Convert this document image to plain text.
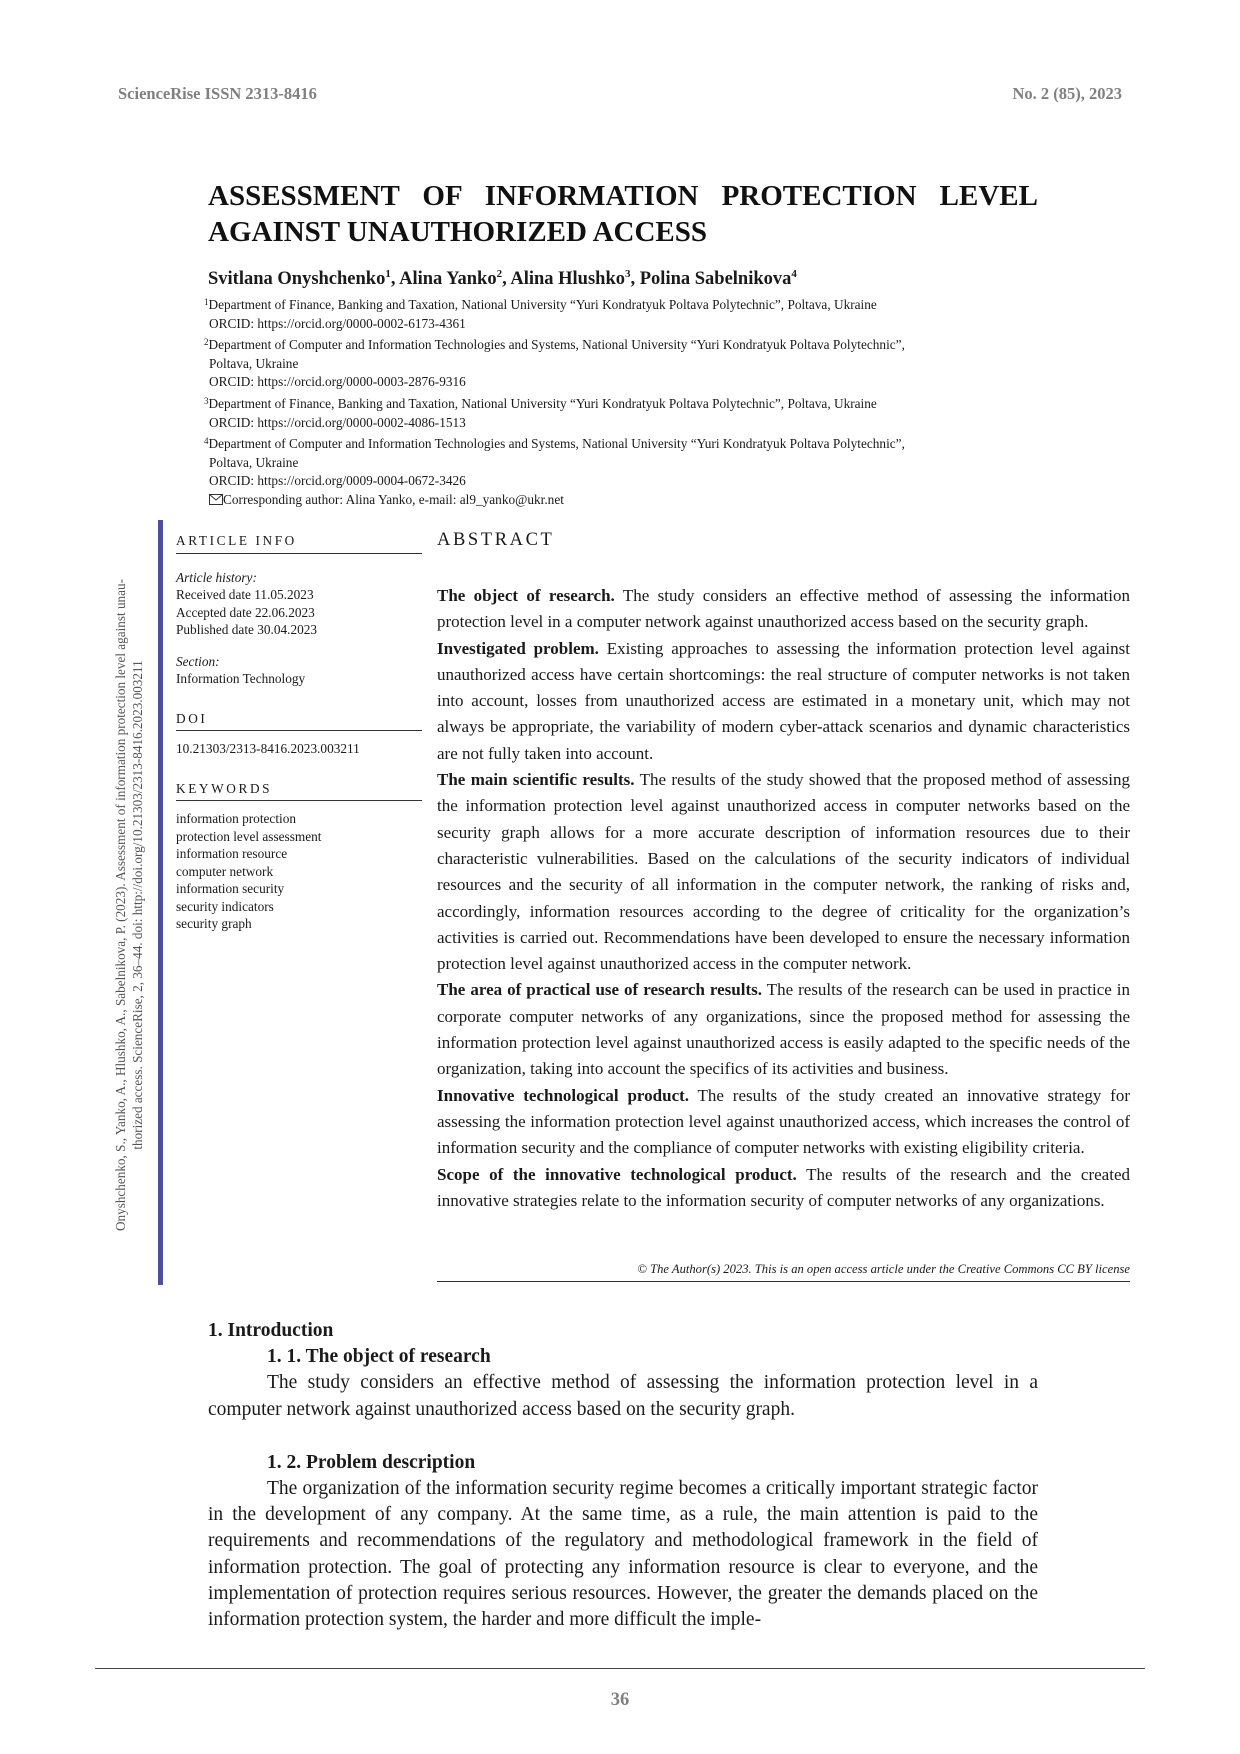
ScienceRise ISSN 2313-8416	No. 2 (85), 2023
ASSESSMENT OF INFORMATION PROTECTION LEVEL AGAINST UNAUTHORIZED ACCESS
Svitlana Onyshchenko$^1$, Alina Yanko$^2$, Alina Hlushko$^3$, Polina Sabelnikova$^4$
$^1$Department of Finance, Banking and Taxation, National University “Yuri Kondratyuk Poltava Polytechnic”, Poltava, Ukraine
ORCID: https://orcid.org/0000-0002-6173-4361
$^2$Department of Computer and Information Technologies and Systems, National University “Yuri Kondratyuk Poltava Polytechnic”,
Poltava, Ukraine
ORCID: https://orcid.org/0000-0003-2876-9316
$^3$Department of Finance, Banking and Taxation, National University “Yuri Kondratyuk Poltava Polytechnic”, Poltava, Ukraine
ORCID: https://orcid.org/0000-0002-4086-1513
$^4$Department of Computer and Information Technologies and Systems, National University “Yuri Kondratyuk Poltava Polytechnic”,
Poltava, Ukraine
ORCID: https://orcid.org/0009-0004-0672-3426
Corresponding author: Alina Yanko, e-mail: al9_yanko@ukr.net
Onyshchenko, S., Yanko, A., Hlushko, A., Sabelnikova, P. (2023). Assessment of information protection level against unau- thorized access. ScienceRise, 2, 36–44. doi: http://doi.org/10.21303/2313-8416.2023.003211
ARTICLE INFO
Article history:
Received date 11.05.2023
Accepted date 22.06.2023
Published date 30.04.2023
Section:
Information Technology
DOI
10.21303/2313-8416.2023.003211
KEYWORDS
information protection
protection level assessment
information resource
computer network
information security
security indicators
security graph
ABSTRACT

The object of research. The study considers an effective method of assessing the information protection level in a computer network against unauthorized access based on the security graph.

Investigated problem. Existing approaches to assessing the information protection level against unauthorized access have certain shortcomings: the real structure of computer networks is not taken into account, losses from unauthorized access are estimated in a monetary unit, which may not always be appropriate, the variability of modern cyber-attack scenarios and dynamic characteristics are not fully taken into account.

The main scientific results. The results of the study showed that the proposed method of assessing the information protection level against unauthorized access in computer networks based on the security graph allows for a more accurate description of information resources due to their characteristic vulnerabilities. Based on the calculations of the security indicators of individual resources and the security of all information in the computer network, the ranking of risks and, accordingly, information resources according to the degree of criticality for the organization’s activities is carried out. Recommendations have been developed to ensure the necessary information protection level against unauthorized access in the computer network.

The area of practical use of research results. The results of the research can be used in practice in corporate computer networks of any organizations, since the proposed method for assessing the information protection level against unauthorized access is easily adapted to the specific needs of the organization, taking into account the specifics of its activities and business.

Innovative technological product. The results of the study created an innovative strategy for assessing the information protection level against unauthorized access, which increases the control of information security and the compliance of computer networks with existing eligibility criteria.

Scope of the innovative technological product. The results of the research and the created innovative strategies relate to the information security of computer networks of any organizations.

© The Author(s) 2023. This is an open access article under the Creative Commons CC BY license
1. Introduction
1. 1. The object of research

The study considers an effective method of assessing the information protection level in a computer network against unauthorized access based on the security graph.

1. 2. Problem description

The organization of the information security regime becomes a critically important strategic factor in the development of any company. At the same time, as a rule, the main attention is paid to the requirements and recommendations of the regulatory and methodological framework in the field of information protection. The goal of protecting any information resource is clear to everyone, and the implementation of protection requires serious resources. However, the greater the demands placed on the information protection system, the harder and more difficult the imple-

36
